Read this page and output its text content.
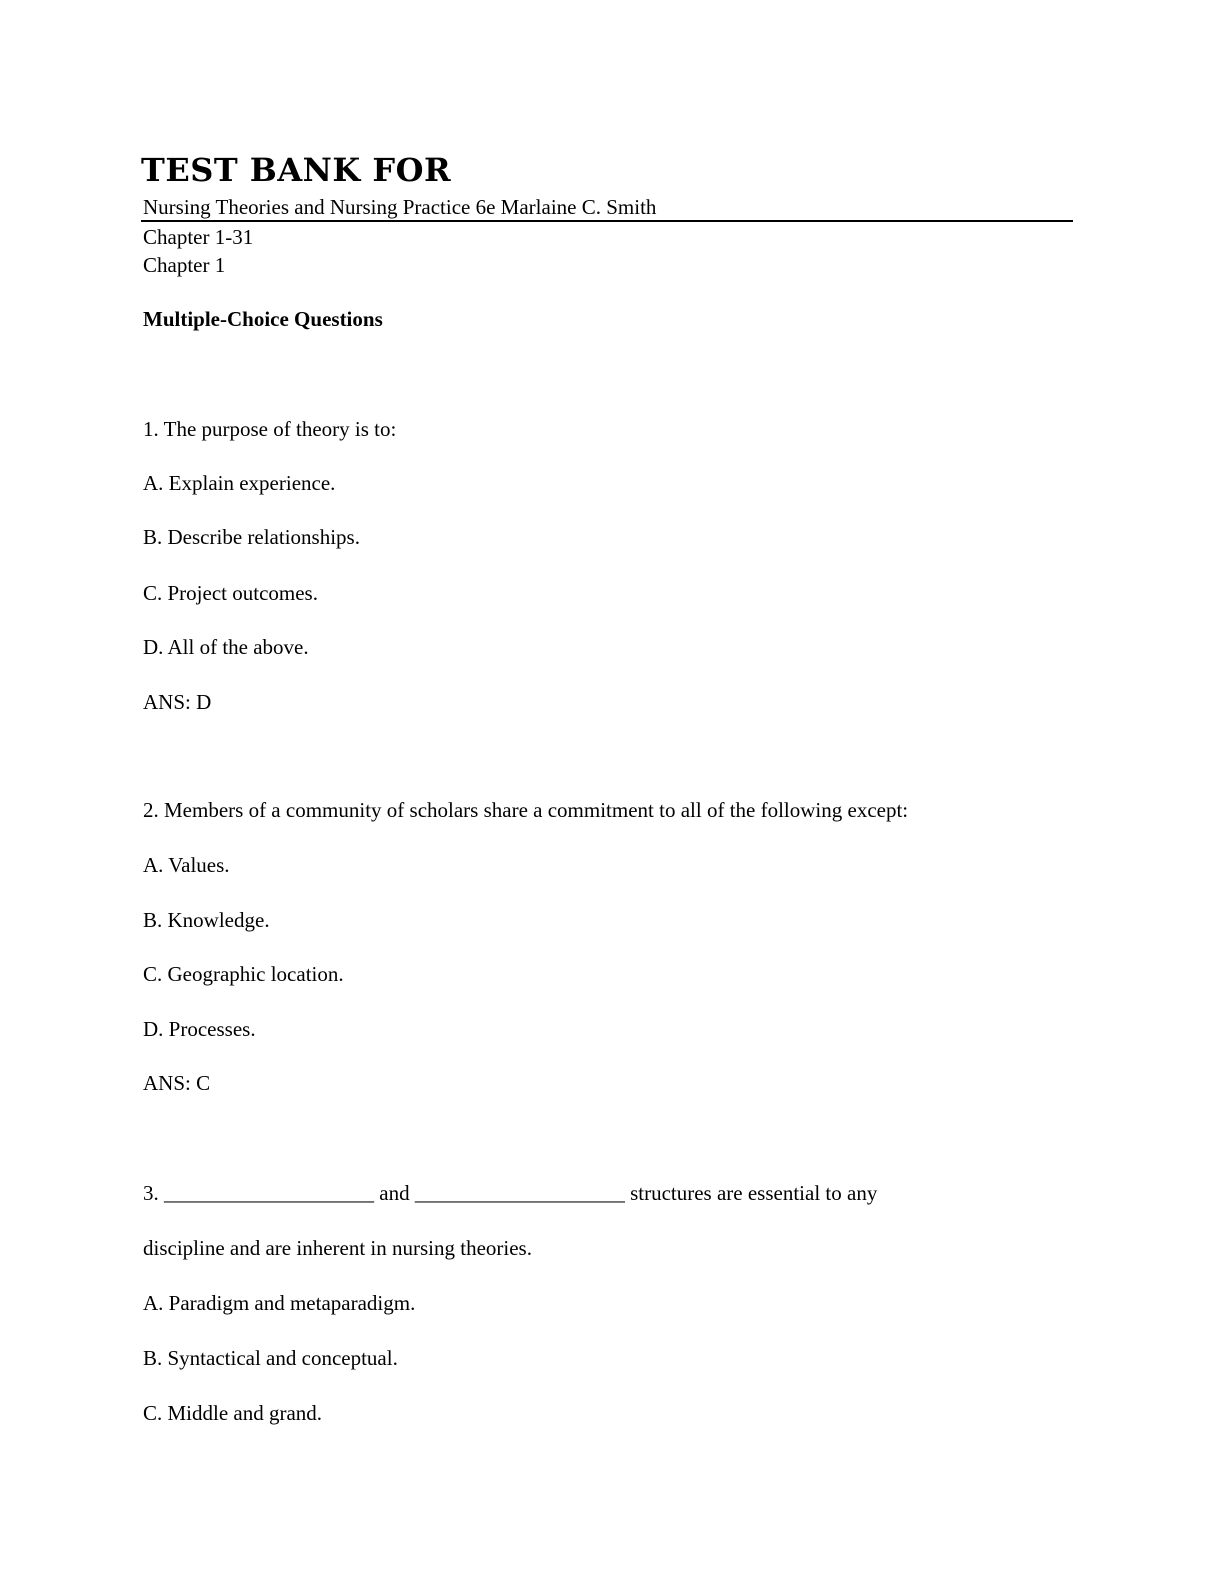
TEST BANK FOR
Nursing Theories and Nursing Practice 6e Marlaine C. Smith
Chapter 1-31
Chapter 1
Multiple-Choice Questions
1. The purpose of theory is to:
A. Explain experience.
B. Describe relationships.
C. Project outcomes.
D. All of the above.
ANS: D
2. Members of a community of scholars share a commitment to all of the following except:
A. Values.
B. Knowledge.
C. Geographic location.
D. Processes.
ANS: C
3. ____________________ and ____________________ structures are essential to any
discipline and are inherent in nursing theories.
A. Paradigm and metaparadigm.
B. Syntactical and conceptual.
C. Middle and grand.
